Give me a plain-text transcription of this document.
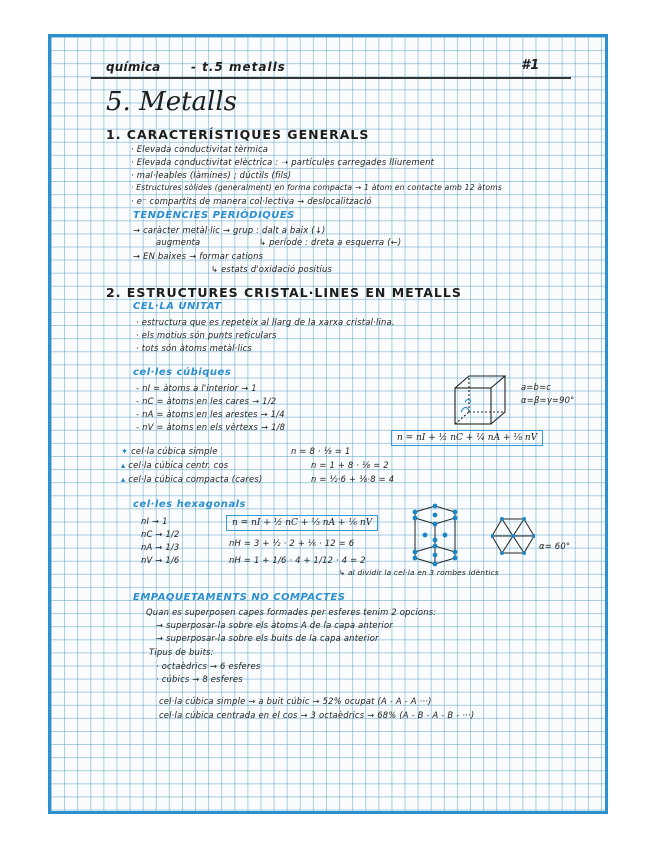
química	- t.5 metalls	#1
5. Metalls
1. CARACTERÍSTIQUES GENERALS
· Elevada conductivitat tèrmica
· Elevada conductivitat elèctrica : ➝ partícules carregades lliurement
· mal·leables (làmines) ; dúctils (fils)
· Estructures sòlides (generalment) en forma compacta → 1 àtom en contacte amb 12 àtoms
· e⁻ compartits de manera col·lectiva → deslocalització
TENDÈNCIES PERIÒDIQUES
→ caràcter metàl·lic → grup : dalt a baix (↓)
augmenta	↳ període : dreta a esquerra (←)
→ EN baixes → formar cations
↳ estats d'oxidació positius
2. ESTRUCTURES CRISTAL·LINES EN METALLS
CEL·LA UNITAT
· estructura que es repeteix al llarg de la xarxa cristal·lina.
· els motius són punts reticulars
· tots són àtoms metàl·lics
cel·les cúbiques
- nI = àtoms a l'interior → 1
- nC = àtoms en les cares → 1/2
- nA = àtoms en les arestes → 1/4
- nV = àtoms en els vèrtexs → 1/8
a=b=c
α=β=γ=90°
n = nI + ½ nC + ¼ nA + ⅛ nV
✦ cel·la cúbica simple	n = 8 · ⅛ = 1
▴ cel·la cúbica centr. cos	n = 1 + 8 · ⅛ = 2
▴ cel·la cúbica compacta (cares)	n = ½·6 + ⅛·8 = 4
cel·les hexagonals
nI → 1
nC → 1/2
nA → 1/3
nV → 1/6
n = nI + ½ nC + ⅓ nA + ⅙ nV
nH = 3 + ½ · 2 + ⅙ · 12 = 6
nH = 1 + 1/6 · 4 + 1/12 · 4 = 2
↳ al dividir la cel·la en 3 rombes idèntics
α= 60°
EMPAQUETAMENTS NO COMPACTES
Quan es superposen capes formades per esferes tenim 2 opcions:
→ superposar-la sobre els àtoms A de la capa anterior
→ superposar-la sobre els buits de la capa anterior
Tipus de buits:
· octaèdrics → 6 esferes
· cúbics → 8 esferes
cel·la cúbica simple → a buit cúbic → 52% ocupat (A - A - A ···)
cel·la cúbica centrada en el cos → 3 octaèdrics → 68% (A - B - A - B - ···)
